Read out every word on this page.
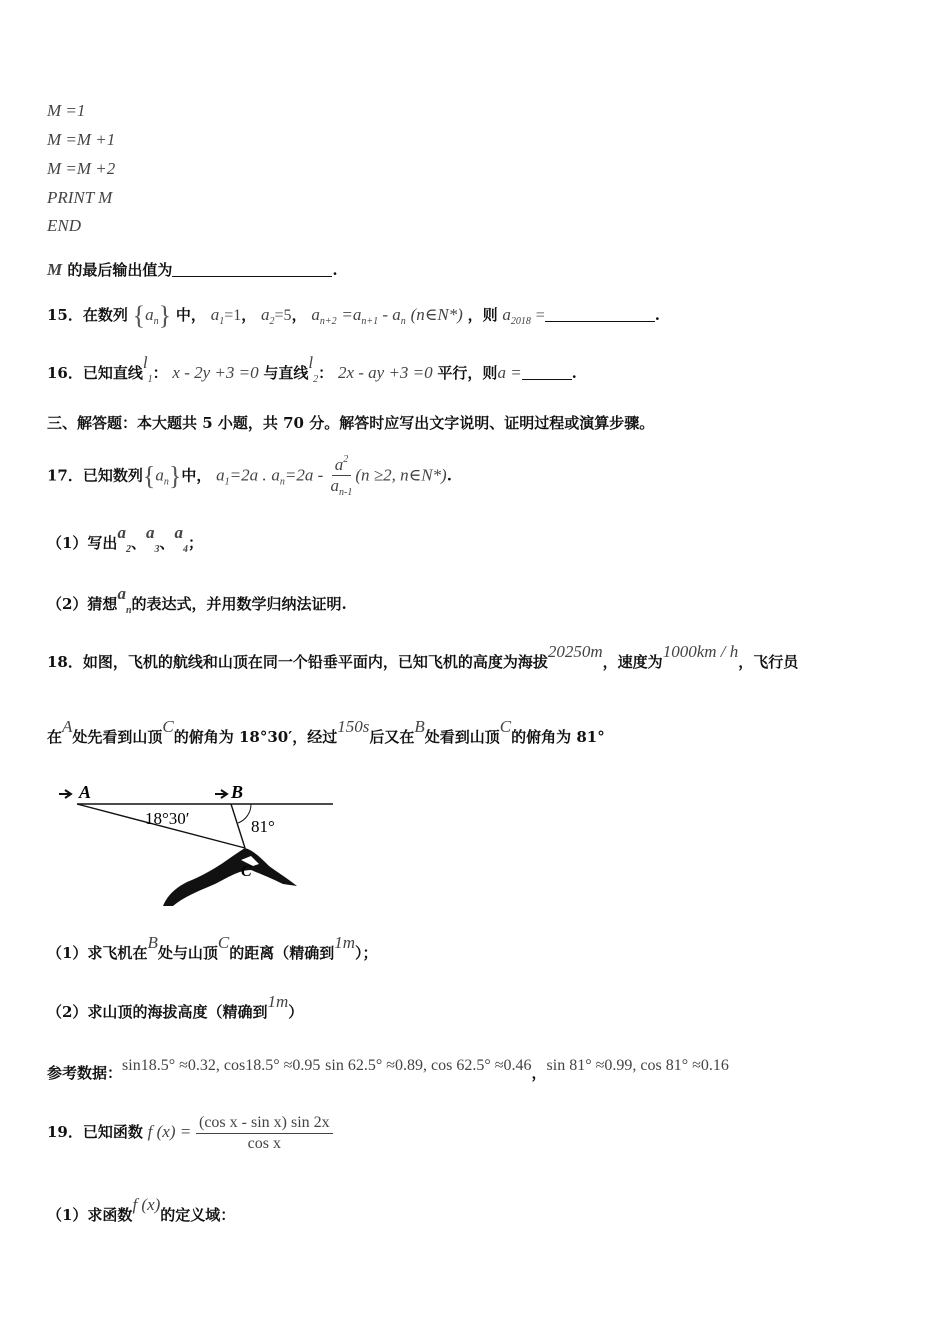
M =1
M =M +1
M =M +2
PRINT M
END
M 的最后输出值为	.
15．在数列 $\{a_n\}$ 中， $a_1=1$， $a_2=5$， $a_{n+2} =a_{n+1} - a_n$ (n∈N*) ，则 $a_{2018}$ =	.
16．已知直线$l_1$： x - 2y +3 =0 与直线$l_2$： 2x - ay +3 =0 平行，则a =	.
三、解答题：本大题共 5 小题，共 70 分。解答时应写出文字说明、证明过程或演算步骤。
17．已知数列$\{a_n\}$中， $a_1=2a$ . $a_n=2a - \frac{a^2}{a_{n-1}} (n \ge 2$, n∈N*).
（1）写出$a_2$、$a_3$、$a_4$；
（2）猜想$a_n$的表达式，并用数学归纳法证明.
18．如图，飞机的航线和山顶在同一个铅垂平面内，已知飞机的高度为海拔20250m，速度为1000km / h，飞行员
在A处先看到山顶C的俯角为 18°30′，经过150s后又在B处看到山顶C的俯角为 81°
A	B
C
18°30′	81°
（1）求飞机在B处与山顶C的距离（精确到1m）；
（2）求山顶的海拔高度（精确到1m）
参考数据：sin18.5° ≈0.32, cos18.5° ≈0.95 sin 62.5° ≈0.89, cos 62.5° ≈0.46，sin 81° ≈0.99, cos 81° ≈0.16
19．已知函数 f $(x) = \frac{\text{(cos x - sin x) sin 2x}}{\text{cos x}}$
（1）求函数f (x)的定义域：
